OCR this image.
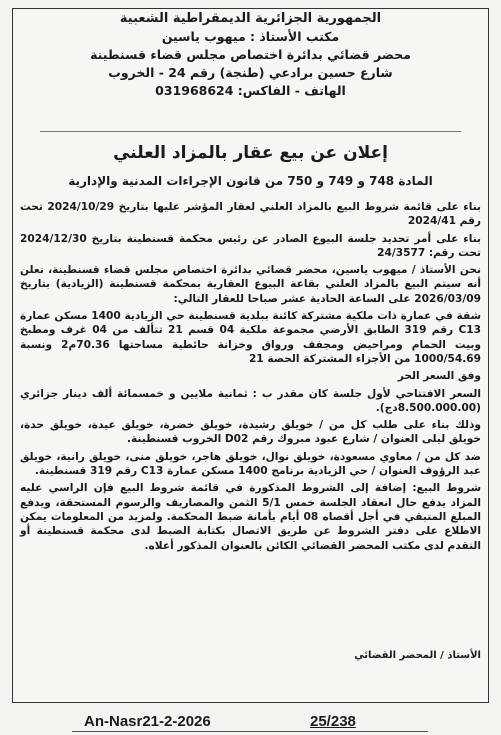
الجمهورية الجزائرية الديمقراطية الشعبية
مكتب الأستاذ : ميهوب ياسين
محضر قضائي بدائرة اختصاص مجلس قضاء قسنطينة
شارع حسين برادعي (طنجة) رقم 24 - الخروب
الهاتف - الفاكس: 031968624
إعلان عن بيع عقار بالمزاد العلني
المادة 748 و 749 و 750 من قانون الإجراءات المدنية والإدارية

بناء على قائمة شروط البيع بالمزاد العلني لعقار المؤشر عليها بتاريخ 2024/10/29 تحت رقم 2024/41

بناء على أمر تحديد جلسة البيوع الصادر عن رئيس محكمة قسنطينة بتاريخ 2024/12/30 تحت رقم: 24/3577

نحن الأستاذ / ميهوب ياسين، محضر قضائي بدائرة اختصاص مجلس قضاء قسنطينة، نعلن أنه سيتم البيع بالمزاد العلني بقاعة البيوع العقارية بمحكمة قسنطينة (الزيادية) بتاريخ 2026/03/09 على الساعة الحادية عشر صباحا للعقار التالي:

شقة في عمارة ذات ملكية مشتركة كائنة ببلدية قسنطينة حي الزيادية 1400 مسكن عمارة C13 رقم 319 الطابق الأرضي مجموعة ملكية 04 قسم 21 تتألف من 04 غرف ومطبخ وبيت الحمام ومراحيض ومجفف ورواق وخزانة حائطية مساحتها 70.36م2 ونسبة 1000/54.69 من الأجزاء المشتركة الحصة 21

وفق السعر الحر

السعر الافتتاحي لأول جلسة كان مقدر ب : ثمانية ملايين و خمسمائة ألف دينار جزائري (8.500.000.00دج).

وذلك بناء على طلب كل من / خويلق رشيدة، خويلق خضرة، خويلق عيدة، خويلق حدة، خويلق ليلى العنوان / شارع عبود مبروك رقم D02 الخروب قسنطينة.

ضد كل من / معاوي مسعودة، خويلق نوال، خويلق هاجر، خويلق منى، خويلق رانية، خويلق عبد الرؤوف العنوان / حي الزيادية برنامج 1400 مسكن عمارة C13 رقم 319 قسنطينة.

شروط البيع: إضافة إلى الشروط المذكورة في قائمة شروط البيع فإن الراسي عليه المزاد يدفع حال انعقاد الجلسة خمس 5/1 الثمن والمصاريف والرسوم المستحقة، ويدفع المبلغ المتبقي في أجل أقصاه 08 أيام بأمانة ضبط المحكمة. ولمزيد من المعلومات يمكن الاطلاع على دفتر الشروط عن طريق الاتصال بكتابة الضبط لدى محكمة قسنطينة أو التقدم لدى مكتب المحضر القضائي الكائن بالعنوان المذكور أعلاه.

الأستاذ / المحضر القضائي
An-Nasr21-2-2026	25/238
